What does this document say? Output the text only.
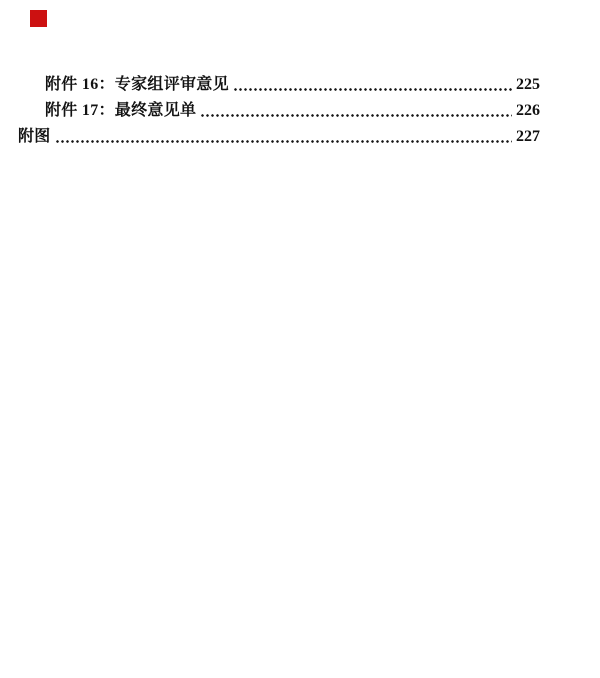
附件 16：专家组评审意见	225
附件 17：最终意见单	226
附图	227
